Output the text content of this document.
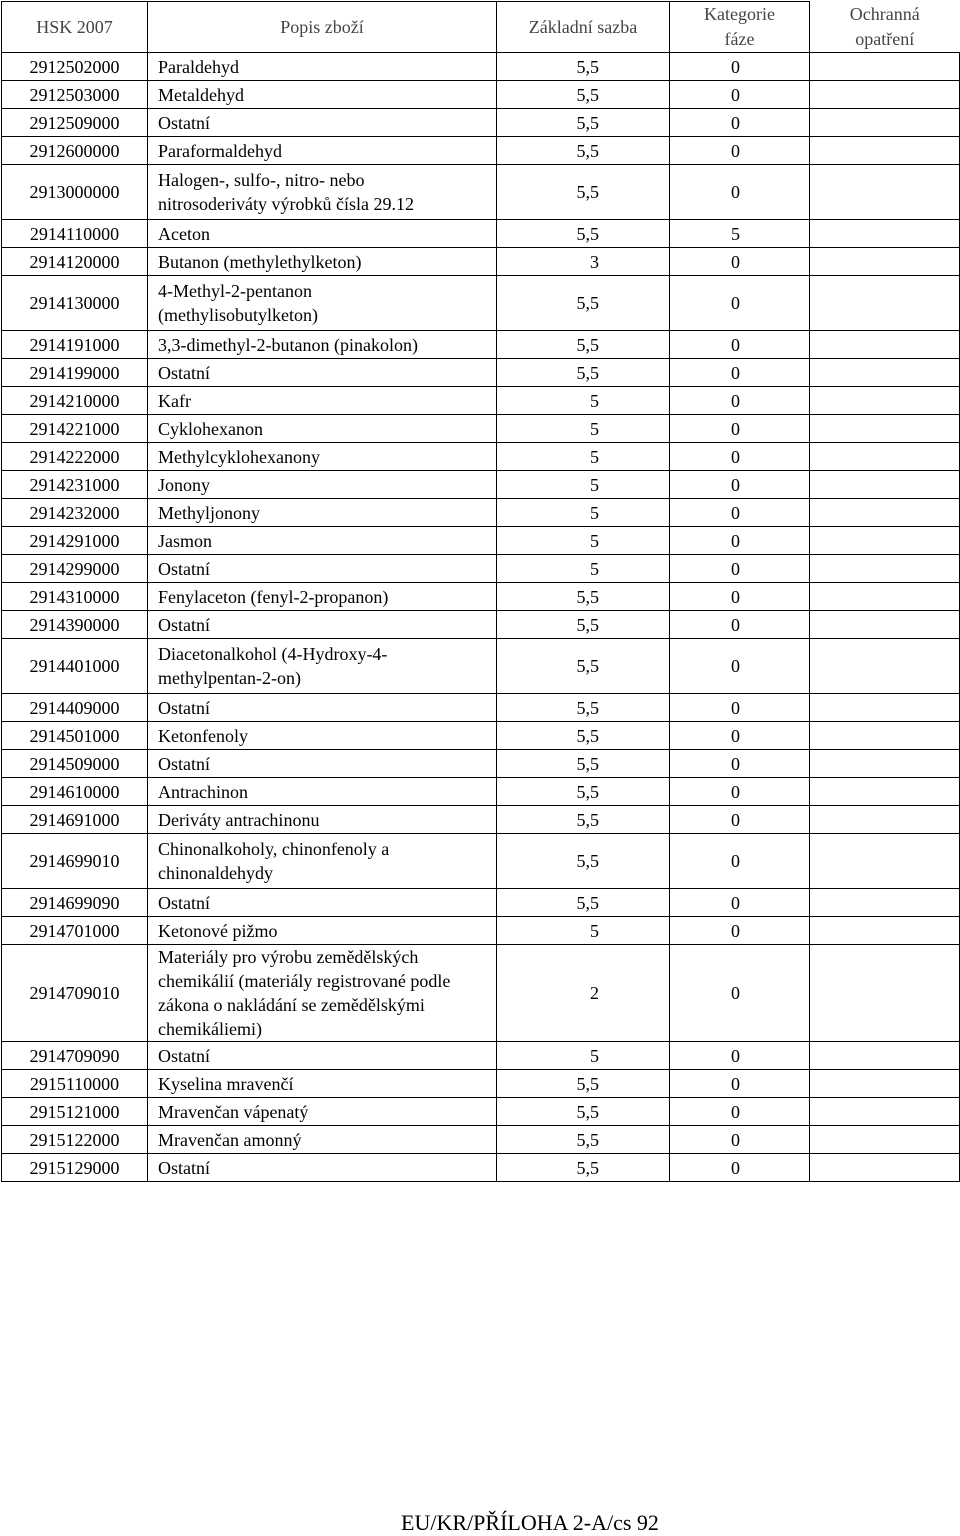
HSK 2007	Popis zboží	Základní sazba	Kategorie fáze	Ochranná opatření

2912502000	Paraldehyd	5,5	0	
2912503000	Metaldehyd	5,5	0	
2912509000	Ostatní	5,5	0	
2912600000	Paraformaldehyd	5,5	0	
2913000000	Halogen-, sulfo-, nitro- nebo nitrosoderiváty výrobků čísla 29.12	5,5	0	
2914110000	Aceton	5,5	5	
2914120000	Butanon (methylethylketon)	3	0	
2914130000	4-Methyl-2-pentanon (methylisobutylketon)	5,5	0	
2914191000	3,3-dimethyl-2-butanon (pinakolon)	5,5	0	
2914199000	Ostatní	5,5	0	
2914210000	Kafr	5	0	
2914221000	Cyklohexanon	5	0	
2914222000	Methylcyklohexanony	5	0	
2914231000	Jonony	5	0	
2914232000	Methyljonony	5	0	
2914291000	Jasmon	5	0	
2914299000	Ostatní	5	0	
2914310000	Fenylaceton (fenyl-2-propanon)	5,5	0	
2914390000	Ostatní	5,5	0	
2914401000	Diacetonalkohol (4-Hydroxy-4-methylpentan-2-on)	5,5	0	
2914409000	Ostatní	5,5	0	
2914501000	Ketonfenoly	5,5	0	
2914509000	Ostatní	5,5	0	
2914610000	Antrachinon	5,5	0	
2914691000	Deriváty antrachinonu	5,5	0	
2914699010	Chinonalkoholy, chinonfenoly a chinonaldehydy	5,5	0	
2914699090	Ostatní	5,5	0	
2914701000	Ketonové pižmo	5	0	
2914709010	Materiály pro výrobu zemědělských chemikálií (materiály registrované podle zákona o nakládání se zemědělskými chemikáliemi)	2	0	
2914709090	Ostatní	5	0	
2915110000	Kyselina mravenčí	5,5	0	
2915121000	Mravenčan vápenatý	5,5	0	
2915122000	Mravenčan amonný	5,5	0	
2915129000	Ostatní	5,5	0	
EU/KR/PŘÍLOHA 2-A/cs 92
